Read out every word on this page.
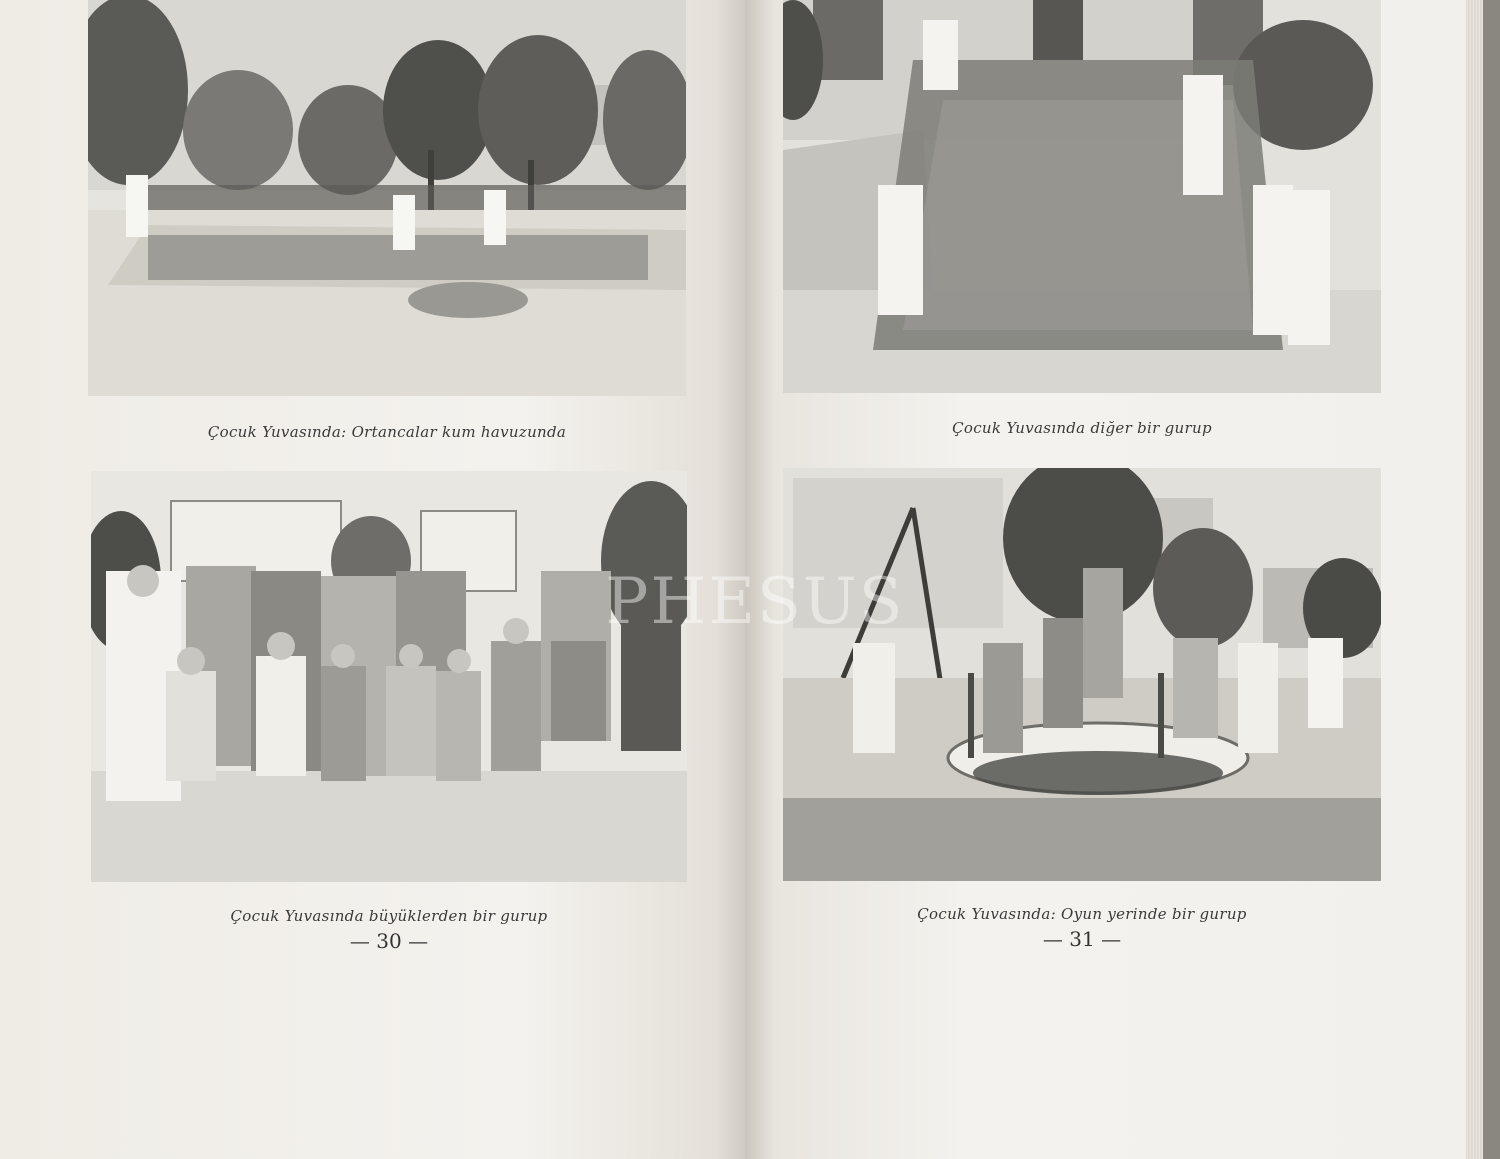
Çocuk Yuvasında: Ortancalar kum havuzunda
Çocuk Yuvasında büyüklerden bir gurup
— 30 —
Çocuk Yuvasında diğer bir gurup
Çocuk Yuvasında: Oyun yerinde bir gurup
— 31 —
PHESUS
